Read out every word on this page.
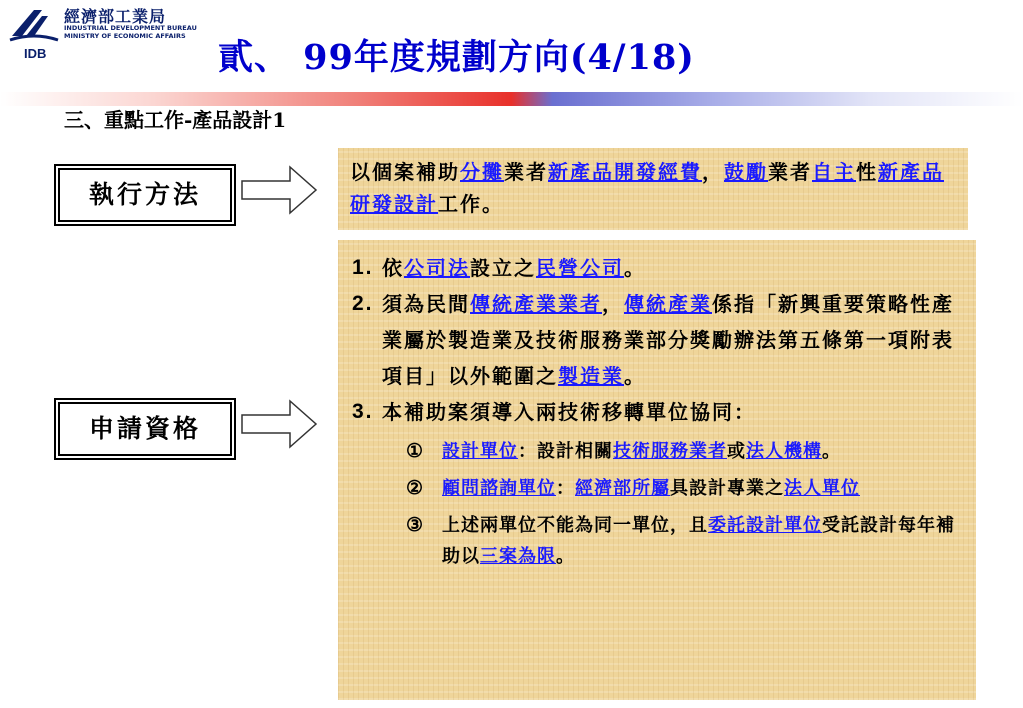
經濟部工業局
INDUSTRIAL DEVELOPMENT BUREAU
MINISTRY OF ECONOMIC AFFAIRS
IDB	貳、 99年度規劃方向(4/18)
三、重點工作-產品設計1
執行方法
以個案補助分攤業者新產品開發經費，鼓勵業者自主性新產品研發設計工作。
申請資格
1. 依公司法設立之民營公司。
2. 須為民間傳統產業業者，傳統產業係指「新興重要策略性產業屬於製造業及技術服務業部分獎勵辦法第五條第一項附表項目」以外範圍之製造業。
3. 本補助案須導入兩技術移轉單位協同：
① 設計單位：設計相關技術服務業者或法人機構。
② 顧問諮詢單位：經濟部所屬具設計專業之法人單位
③ 上述兩單位不能為同一單位，且委託設計單位受託設計每年補助以三案為限。
